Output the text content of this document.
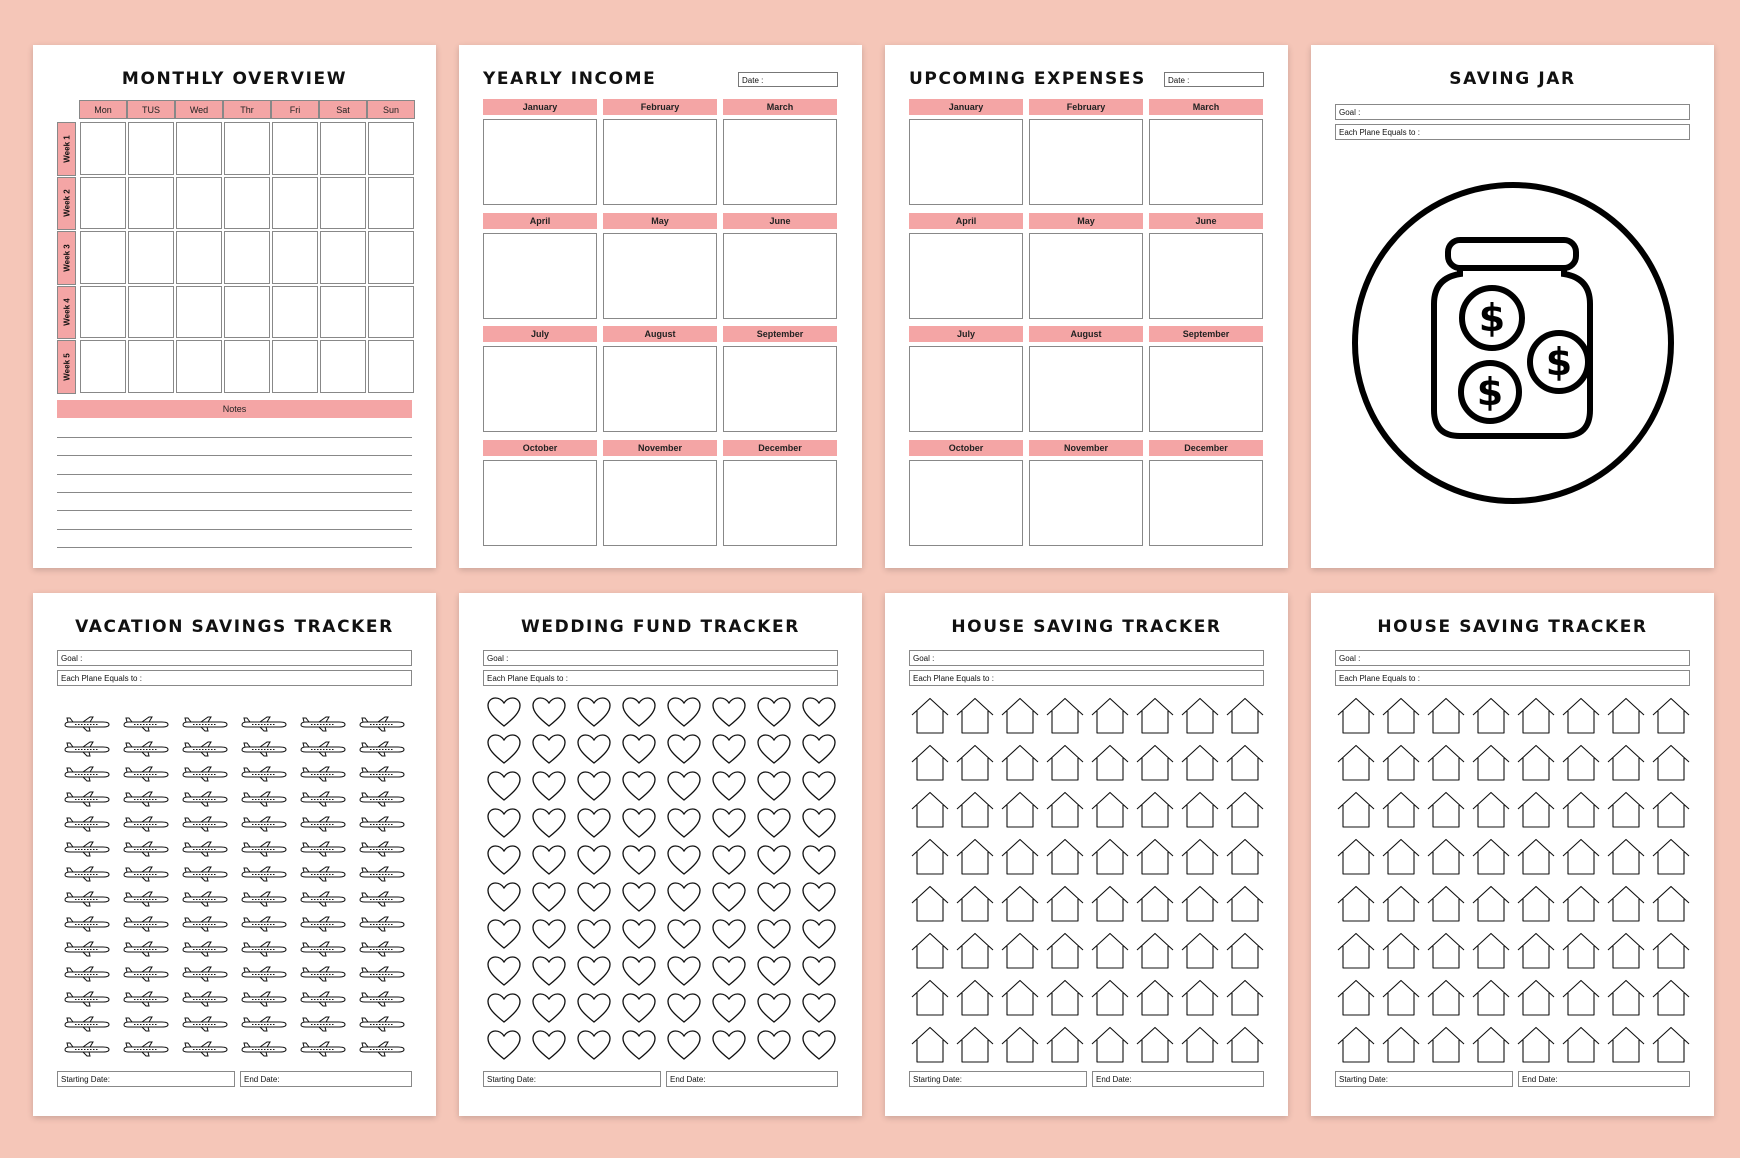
MONTHLY OVERVIEW
Mon	TUS	Wed	Thr	Fri	Sat	Sun
Week 1
Week 2
Week 3
Week 4
Week 5
Notes
YEARLY INCOME	Date :
January	February	March
April	May	June
July	August	September
October	November	December
UPCOMING EXPENSES	Date :
January	February	March
April	May	June
July	August	September
October	November	December
SAVING JAR
Goal :
Each Plane Equals to :
$
$
$
VACATION SAVINGS TRACKER
Goal :
Each Plane Equals to :
Starting Date:	End Date:
WEDDING FUND TRACKER
Goal :
Each Plane Equals to :
Starting Date:	End Date:
HOUSE SAVING TRACKER
Goal :
Each Plane Equals to :
Starting Date:	End Date:
HOUSE SAVING TRACKER
Goal :
Each Plane Equals to :
Starting Date:	End Date:
